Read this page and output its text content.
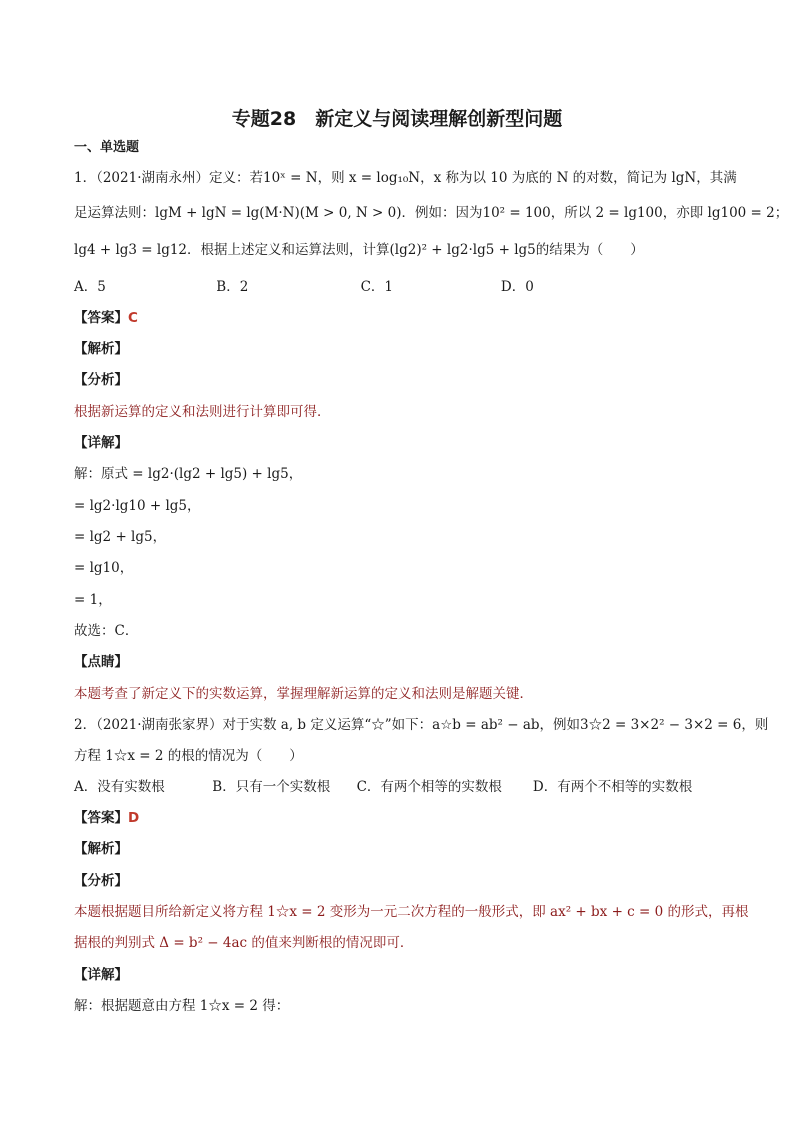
专题28　新定义与阅读理解创新型问题
一、单选题
1．（2021·湖南永州）定义：若10ˣ = N，则 x = log₁₀N，x 称为以 10 为底的 N 的对数，简记为 lgN，其满
足运算法则：lgM + lgN = lg(M·N)(M > 0, N > 0)．例如：因为10² = 100，所以 2 = lg100，亦即 lg100 = 2；
lg4 + lg3 = lg12．根据上述定义和运算法则，计算(lg2)² + lg2·lg5 + lg5的结果为（　　）
A．5	B．2	C．1	D．0
【答案】C
【解析】
【分析】
根据新运算的定义和法则进行计算即可得．
【详解】
解：原式 = lg2·(lg2 + lg5) + lg5，
= lg2·lg10 + lg5，
= lg2 + lg5，
= lg10，
= 1，
故选：C．
【点睛】
本题考查了新定义下的实数运算，掌握理解新运算的定义和法则是解题关键．
2．（2021·湖南张家界）对于实数 a, b 定义运算“☆”如下：a☆b = ab² − ab，例如3☆2 = 3×2² − 3×2 = 6，则
方程 1☆x = 2 的根的情况为（　　）
A．没有实数根	B．只有一个实数根 C．有两个相等的实数根 D．有两个不相等的实数根
【答案】D
【解析】
【分析】
本题根据题目所给新定义将方程 1☆x = 2 变形为一元二次方程的一般形式，即 ax² + bx + c = 0 的形式，再根
据根的判别式 Δ = b² − 4ac 的值来判断根的情况即可．
【详解】
解：根据题意由方程 1☆x = 2 得：
